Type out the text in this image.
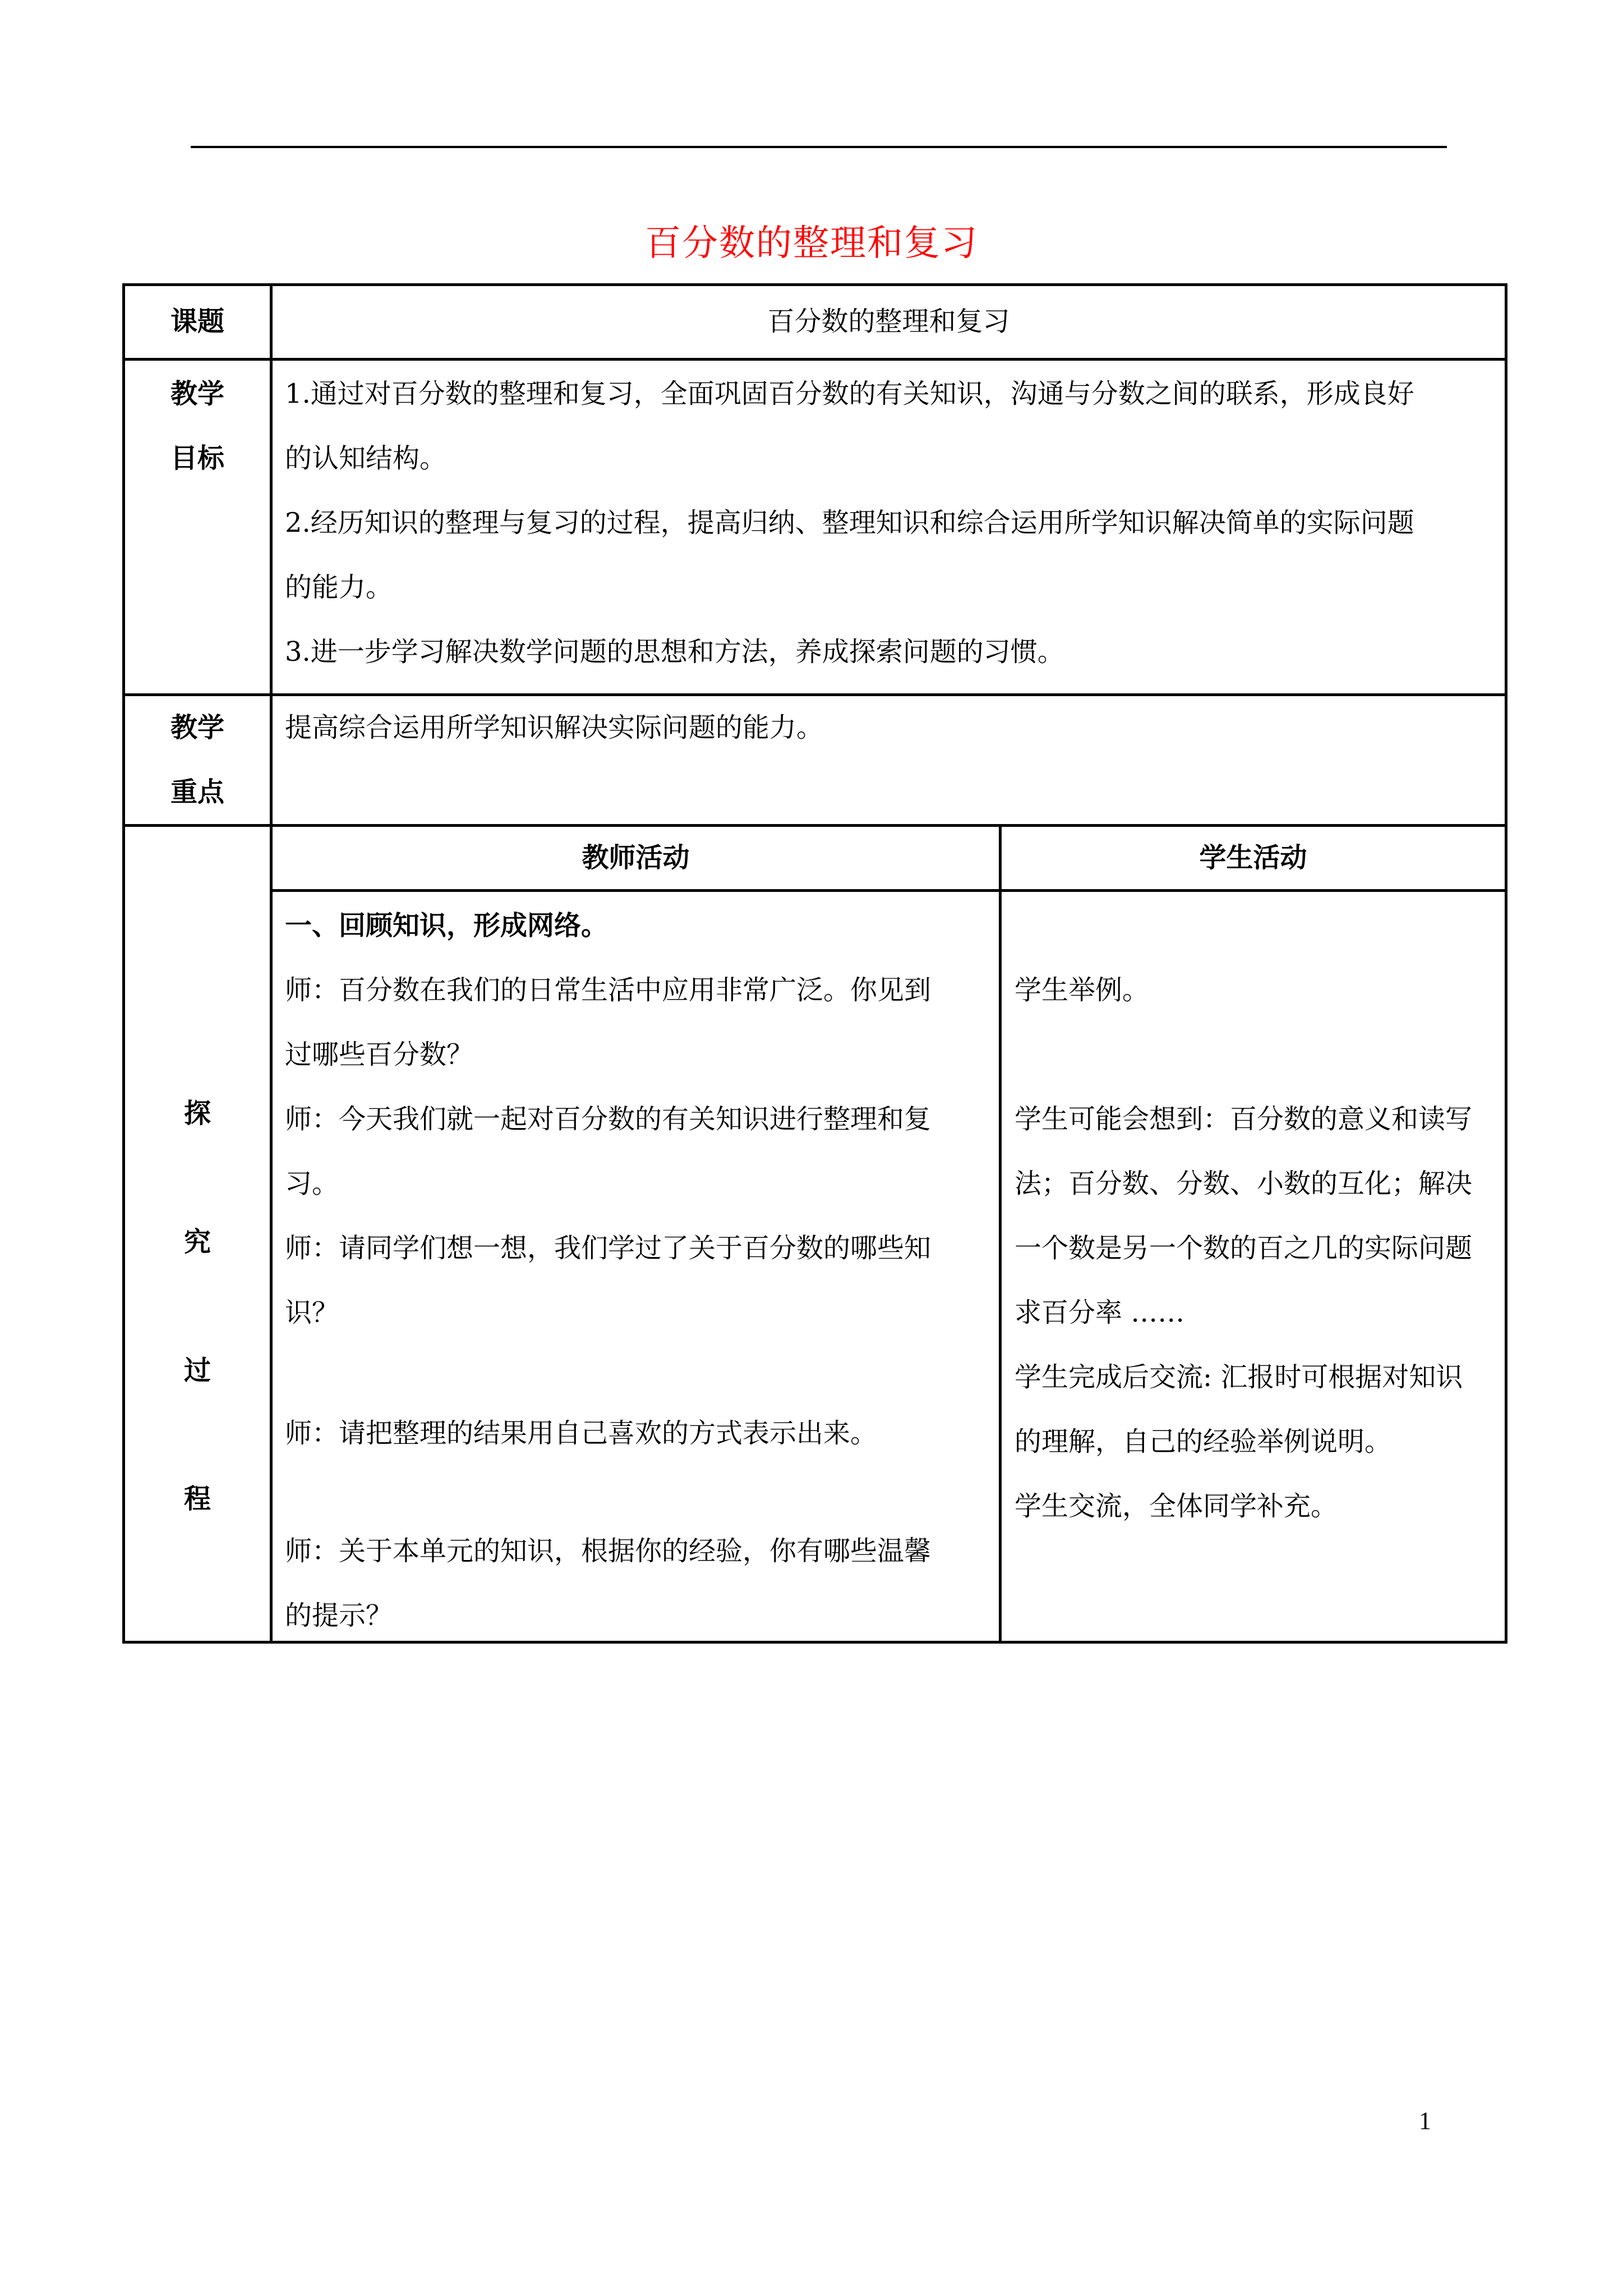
百分数的整理和复习
课题	百分数的整理和复习
教学
目标
1.通过对百分数的整理和复习，全面巩固百分数的有关知识，沟通与分数之间的联系，形成良好
的认知结构。
2.经历知识的整理与复习的过程，提高归纳、整理知识和综合运用所学知识解决简单的实际问题
的能力。
3.进一步学习解决数学问题的思想和方法，养成探索问题的习惯。
教学
重点
提高综合运用所学知识解决实际问题的能力。
教师活动	学生活动
探
究
过
程
一、回顾知识，形成网络。
师：百分数在我们的日常生活中应用非常广泛。你见到
过哪些百分数？
师：今天我们就一起对百分数的有关知识进行整理和复
习。
师：请同学们想一想，我们学过了关于百分数的哪些知
识？
师：请把整理的结果用自己喜欢的方式表示出来。
师：关于本单元的知识，根据你的经验，你有哪些温馨
的提示？
学生举例。
学生可能会想到：百分数的意义和读写
法；百分数、分数、小数的互化；解决
一个数是另一个数的百之几的实际问题
求百分率 ……
学生完成后交流: 汇报时可根据对知识
的理解，自己的经验举例说明。
学生交流，全体同学补充。
1
